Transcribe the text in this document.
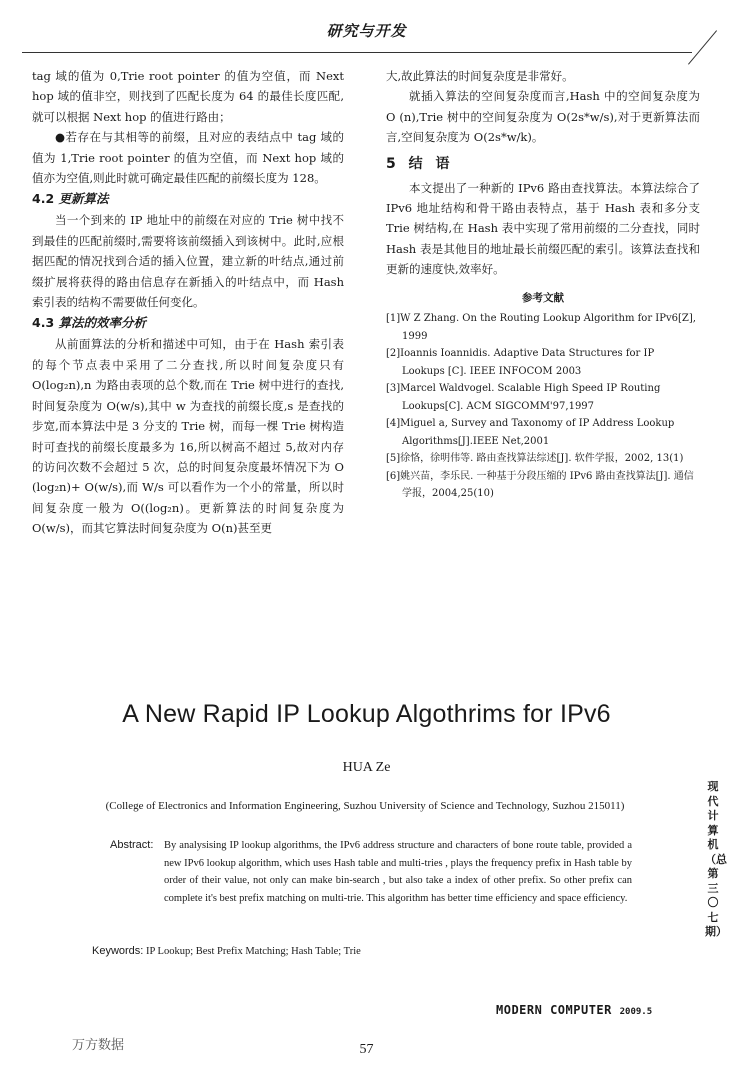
研究与开发

tag 域的值为 0,Trie root pointer 的值为空值，而 Next hop 域的值非空，则找到了匹配长度为 64 的最佳长度匹配,就可以根据 Next hop 的值进行路由；

●若存在与其相等的前缀，且对应的表结点中 tag 域的值为 1,Trie root pointer 的值为空值，而 Next hop 域的值亦为空值,则此时就可确定最佳匹配的前缀长度为 128。

4.2 更新算法

当一个到来的 IP 地址中的前缀在对应的 Trie 树中找不到最佳的匹配前缀时,需要将该前缀插入到该树中。此时,应根据匹配的情况找到合适的插入位置，建立新的叶结点,通过前缀扩展将获得的路由信息存在新插入的叶结点中，而 Hash 索引表的结构不需要做任何变化。

4.3 算法的效率分析

从前面算法的分析和描述中可知，由于在 Hash 索引表的每个节点表中采用了二分查找,所以时间复杂度只有 O(log₂n),n 为路由表项的总个数,而在 Trie 树中进行的查找,时间复杂度为 O(w/s),其中 w 为查找的前缀长度,s 是查找的步宽,而本算法中是 3 分支的 Trie 树，而每一棵 Trie 树构造时可查找的前缀长度最多为 16,所以树高不超过 5,故对内存的访问次数不会超过 5 次，总的时间复杂度最坏情况下为 O (log₂n)+ O(w/s),而 W/s 可以看作为一个小的常量，所以时间复杂度一般为 O((log₂n)。更新算法的时间复杂度为 O(w/s)，而其它算法时间复杂度为 O(n)甚至更

大,故此算法的时间复杂度是非常好。

就插入算法的空间复杂度而言,Hash 中的空间复杂度为 O (n),Trie 树中的空间复杂度为 O(2s*w/s),对于更新算法而言,空间复杂度为 O(2s*w/k)。

5 结 语

本文提出了一种新的 IPv6 路由查找算法。本算法综合了 IPv6 地址结构和骨干路由表特点，基于 Hash 表和多分支 Trie 树结构,在 Hash 表中实现了常用前缀的二分查找，同时 Hash 表是其他目的地址最长前缀匹配的索引。该算法查找和更新的速度快,效率好。

参考文献
[1]W Z Zhang. On the Routing Lookup Algorithm for IPv6[Z], 1999
[2]Ioannis Ioannidis. Adaptive Data Structures for IP Lookups [C]. IEEE INFOCOM 2003
[3]Marcel Waldvogel. Scalable High Speed IP Routing Lookups[C]. ACM SIGCOMM'97,1997
[4]Miguel a, Survey and Taxonomy of IP Address Lookup Algorithms[J].IEEE Net,2001
[5]徐恪，徐明伟等. 路由查找算法综述[J]. 软件学报，2002, 13(1)
[6]姚兴苗，李乐民. 一种基于分段压缩的 IPv6 路由查找算法[J]. 通信学报，2004,25(10)
A New Rapid IP Lookup Algothrims for IPv6
HUA Ze
(College of Electronics and Information Engineering, Suzhou University of Science and Technology, Suzhou 215011)
Abstract: By analysising IP lookup algorithms, the IPv6 address structure and characters of bone route table, provided a new IPv6 lookup algorithm, which uses Hash table and multi-tries , plays the frequency prefix in Hash table by order of their value, not only can make bin-search , but also take a index of other prefix. So other prefix can complete it's best prefix matching on multi-trie. This algorithm has better time efficiency and space efficiency.
Keywords: IP Lookup; Best Prefix Matching; Hash Table; Trie
现代计算机（总第三〇七期）
MODERN COMPUTER 2009.5
万方数据	57
